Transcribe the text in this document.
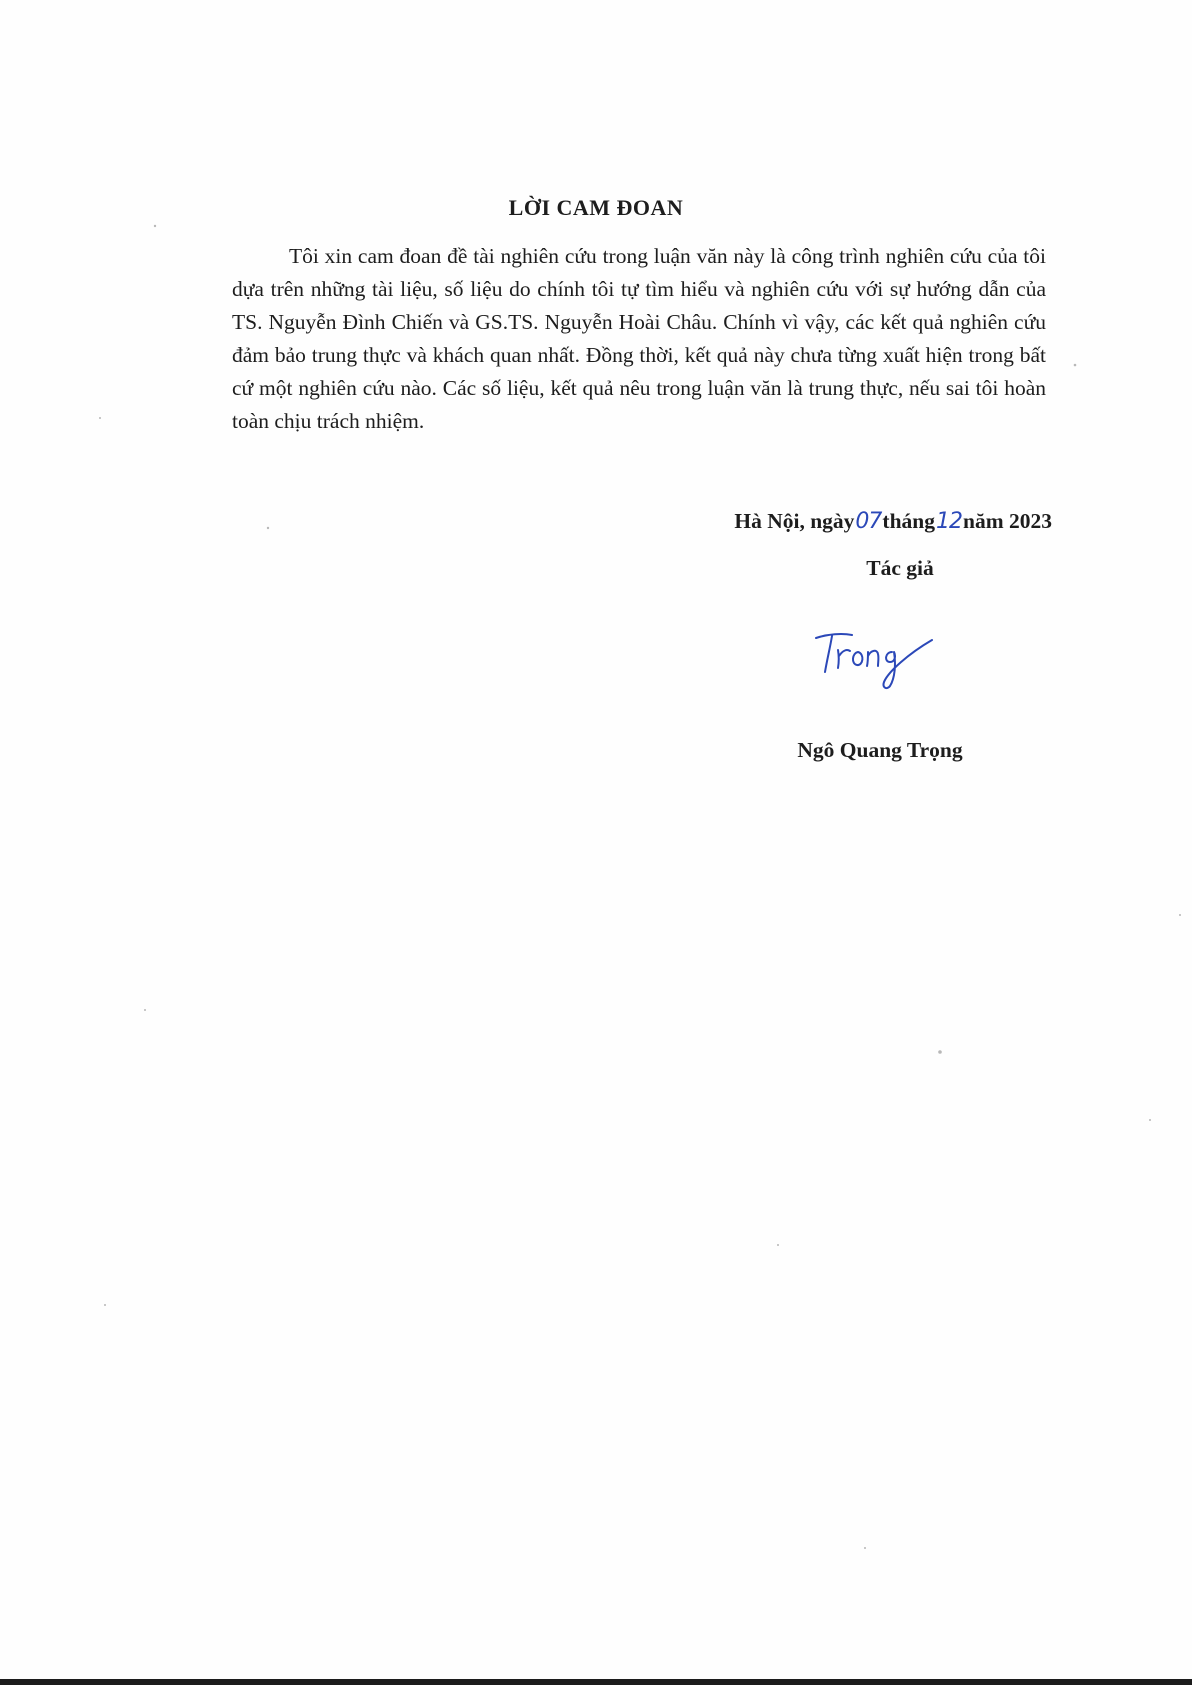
LỜI CAM ĐOAN
Tôi xin cam đoan đề tài nghiên cứu trong luận văn này là công trình nghiên cứu của tôi dựa trên những tài liệu, số liệu do chính tôi tự tìm hiểu và nghiên cứu với sự hướng dẫn của TS. Nguyễn Đình Chiến và GS.TS. Nguyễn Hoài Châu. Chính vì vậy, các kết quả nghiên cứu đảm bảo trung thực và khách quan nhất. Đồng thời, kết quả này chưa từng xuất hiện trong bất cứ một nghiên cứu nào. Các số liệu, kết quả nêu trong luận văn là trung thực, nếu sai tôi hoàn toàn chịu trách nhiệm.
Hà Nội, ngày07tháng12năm 2023
Tác giả
Ngô Quang Trọng
